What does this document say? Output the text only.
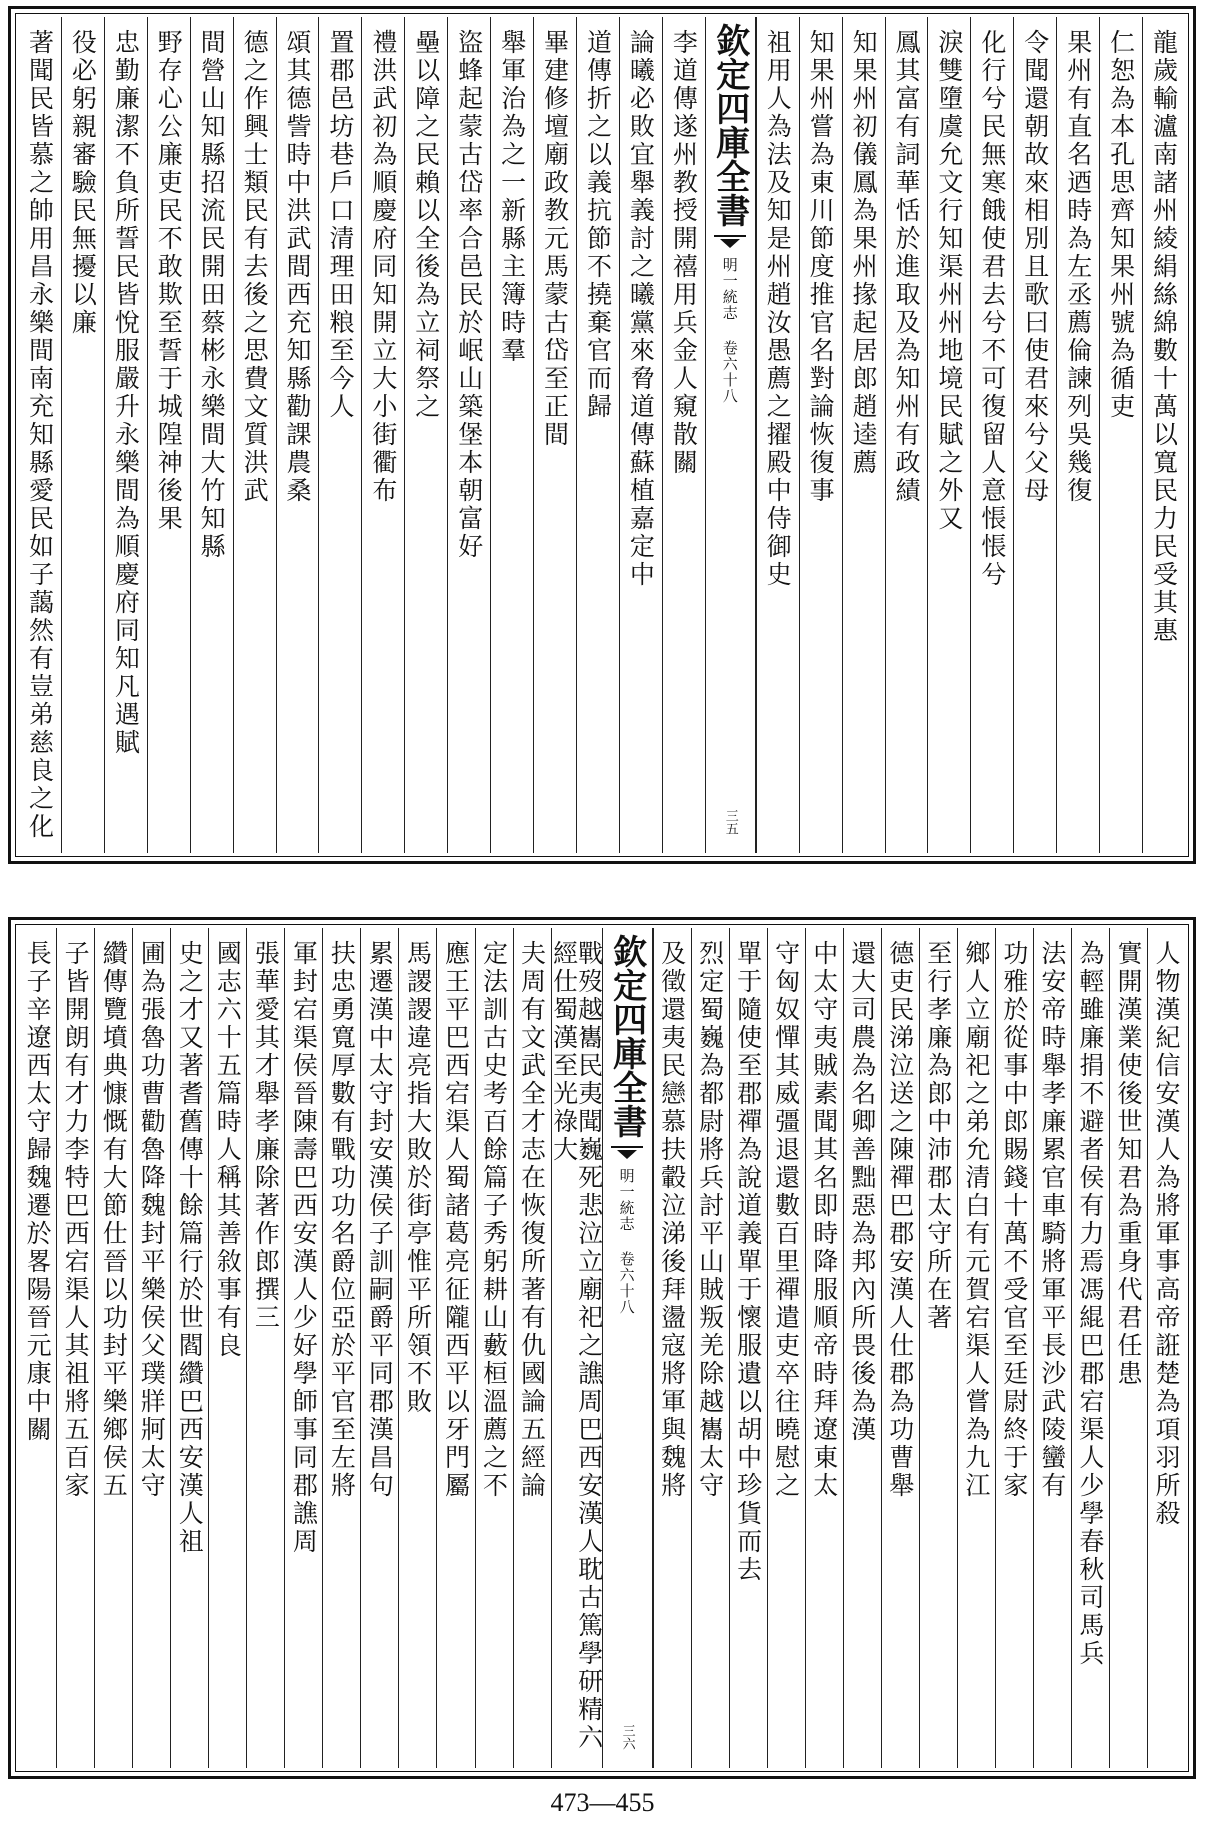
龍歲輸瀘南諸州綾絹絲綿數十萬以寬民力民受其惠
仁恕為本孔思齊知果州號為循吏
果州有直名迺時為左丞薦倫諫列吳幾復
令聞還朝故來相別且歌曰使君來兮父母
化行兮民無寒餓使君去兮不可復留人意悵悵兮
淚雙墮虞允文行知渠州州地境民賦之外又
鳳其富有詞華恬於進取及為知州有政績
知果州初儀鳳為果州掾起居郎趙逵薦
知果州嘗為東川節度推官名對論恢復事
祖用人為法及知是州趙汝愚薦之擢殿中侍御史
欽定四庫全書
明一統志 卷六十八
三五
李道傳遂州教授開禧用兵金人窺散關
論曦必敗宜舉義討之曦黨來脅道傳蘇植嘉定中
道傳折之以義抗節不撓棄官而歸
畢建修壇廟政教元馬蒙古岱至正間
舉軍治為之一新縣主簿時羣
盜蜂起蒙古岱率合邑民於岷山築堡本朝富好
壘以障之民賴以全後為立祠祭之
禮洪武初為順慶府同知開立大小街衢布
置郡邑坊巷戶口清理田粮至今人
頌其德訾時中洪武間西充知縣勸課農桑
德之作興士類民有去後之思費文質洪武
間營山知縣招流民開田蔡彬永樂間大竹知縣
野存心公廉吏民不敢欺至誓于城隍神後果
忠勤廉潔不負所誓民皆悅服嚴升永樂間為順慶府同知凡遇賦
役必躬親審驗民無擾以廉
著聞民皆慕之帥用昌永樂間南充知縣愛民如子藹然有豈弟慈良之化
人物漢紀信安漢人為將軍事高帝誑楚為項羽所殺
實開漢業使後世知君為重身代君任患
為輕雖廉捐不避者侯有力焉馮緄巴郡宕渠人少學春秋司馬兵
法安帝時舉孝廉累官車騎將軍平長沙武陵蠻有
功雅於從事中郎賜錢十萬不受官至廷尉終于家
鄉人立廟祀之弟允清白有元賀宕渠人嘗為九江
至行孝廉為郎中沛郡太守所在著
德吏民涕泣送之陳禪巴郡安漢人仕郡為功曹舉
還大司農為名卿善黜惡為邦內所畏後為漢
中太守夷賊素聞其名即時降服順帝時拜遼東太
守匈奴憚其威彊退還數百里禪遣吏卒往曉慰之
單于隨使至郡禪為說道義單于懷服遺以胡中珍貨而去
烈定蜀巍為都尉將兵討平山賊叛羌除越巂太守
及徵還夷民戀慕扶轂泣涕後拜盪寇將軍與魏將
欽定四庫全書
明一統志 卷六十八
三六
戰歿越巂民夷聞巍死悲泣立廟祀之譙周巴西安漢人耽古篤學研精六經仕蜀漢至光祿大
夫周有文武全才志在恢復所著有仇國論五經論
定法訓古史考百餘篇子秀躬耕山藪桓溫薦之不
應王平巴西宕渠人蜀諸葛亮征隴西平以牙門屬
馬謖謖違亮指大敗於街亭惟平所領不敗
累遷漢中太守封安漢侯子訓嗣爵平同郡漢昌句
扶忠勇寬厚數有戰功功名爵位亞於平官至左將
軍封宕渠侯晉陳壽巴西安漢人少好學師事同郡譙周
張華愛其才舉孝廉除著作郎撰三
國志六十五篇時人稱其善敘事有良
史之才又著耆舊傳十餘篇行於世閻纘巴西安漢人祖
圃為張魯功曹勸魯降魏封平樂侯父璞牂牁太守
纘傳覽墳典慷慨有大節仕晉以功封平樂鄉侯五
子皆開朗有才力李特巴西宕渠人其祖將五百家
長子辛遼西太守歸魏遷於畧陽晉元康中關
473—455
